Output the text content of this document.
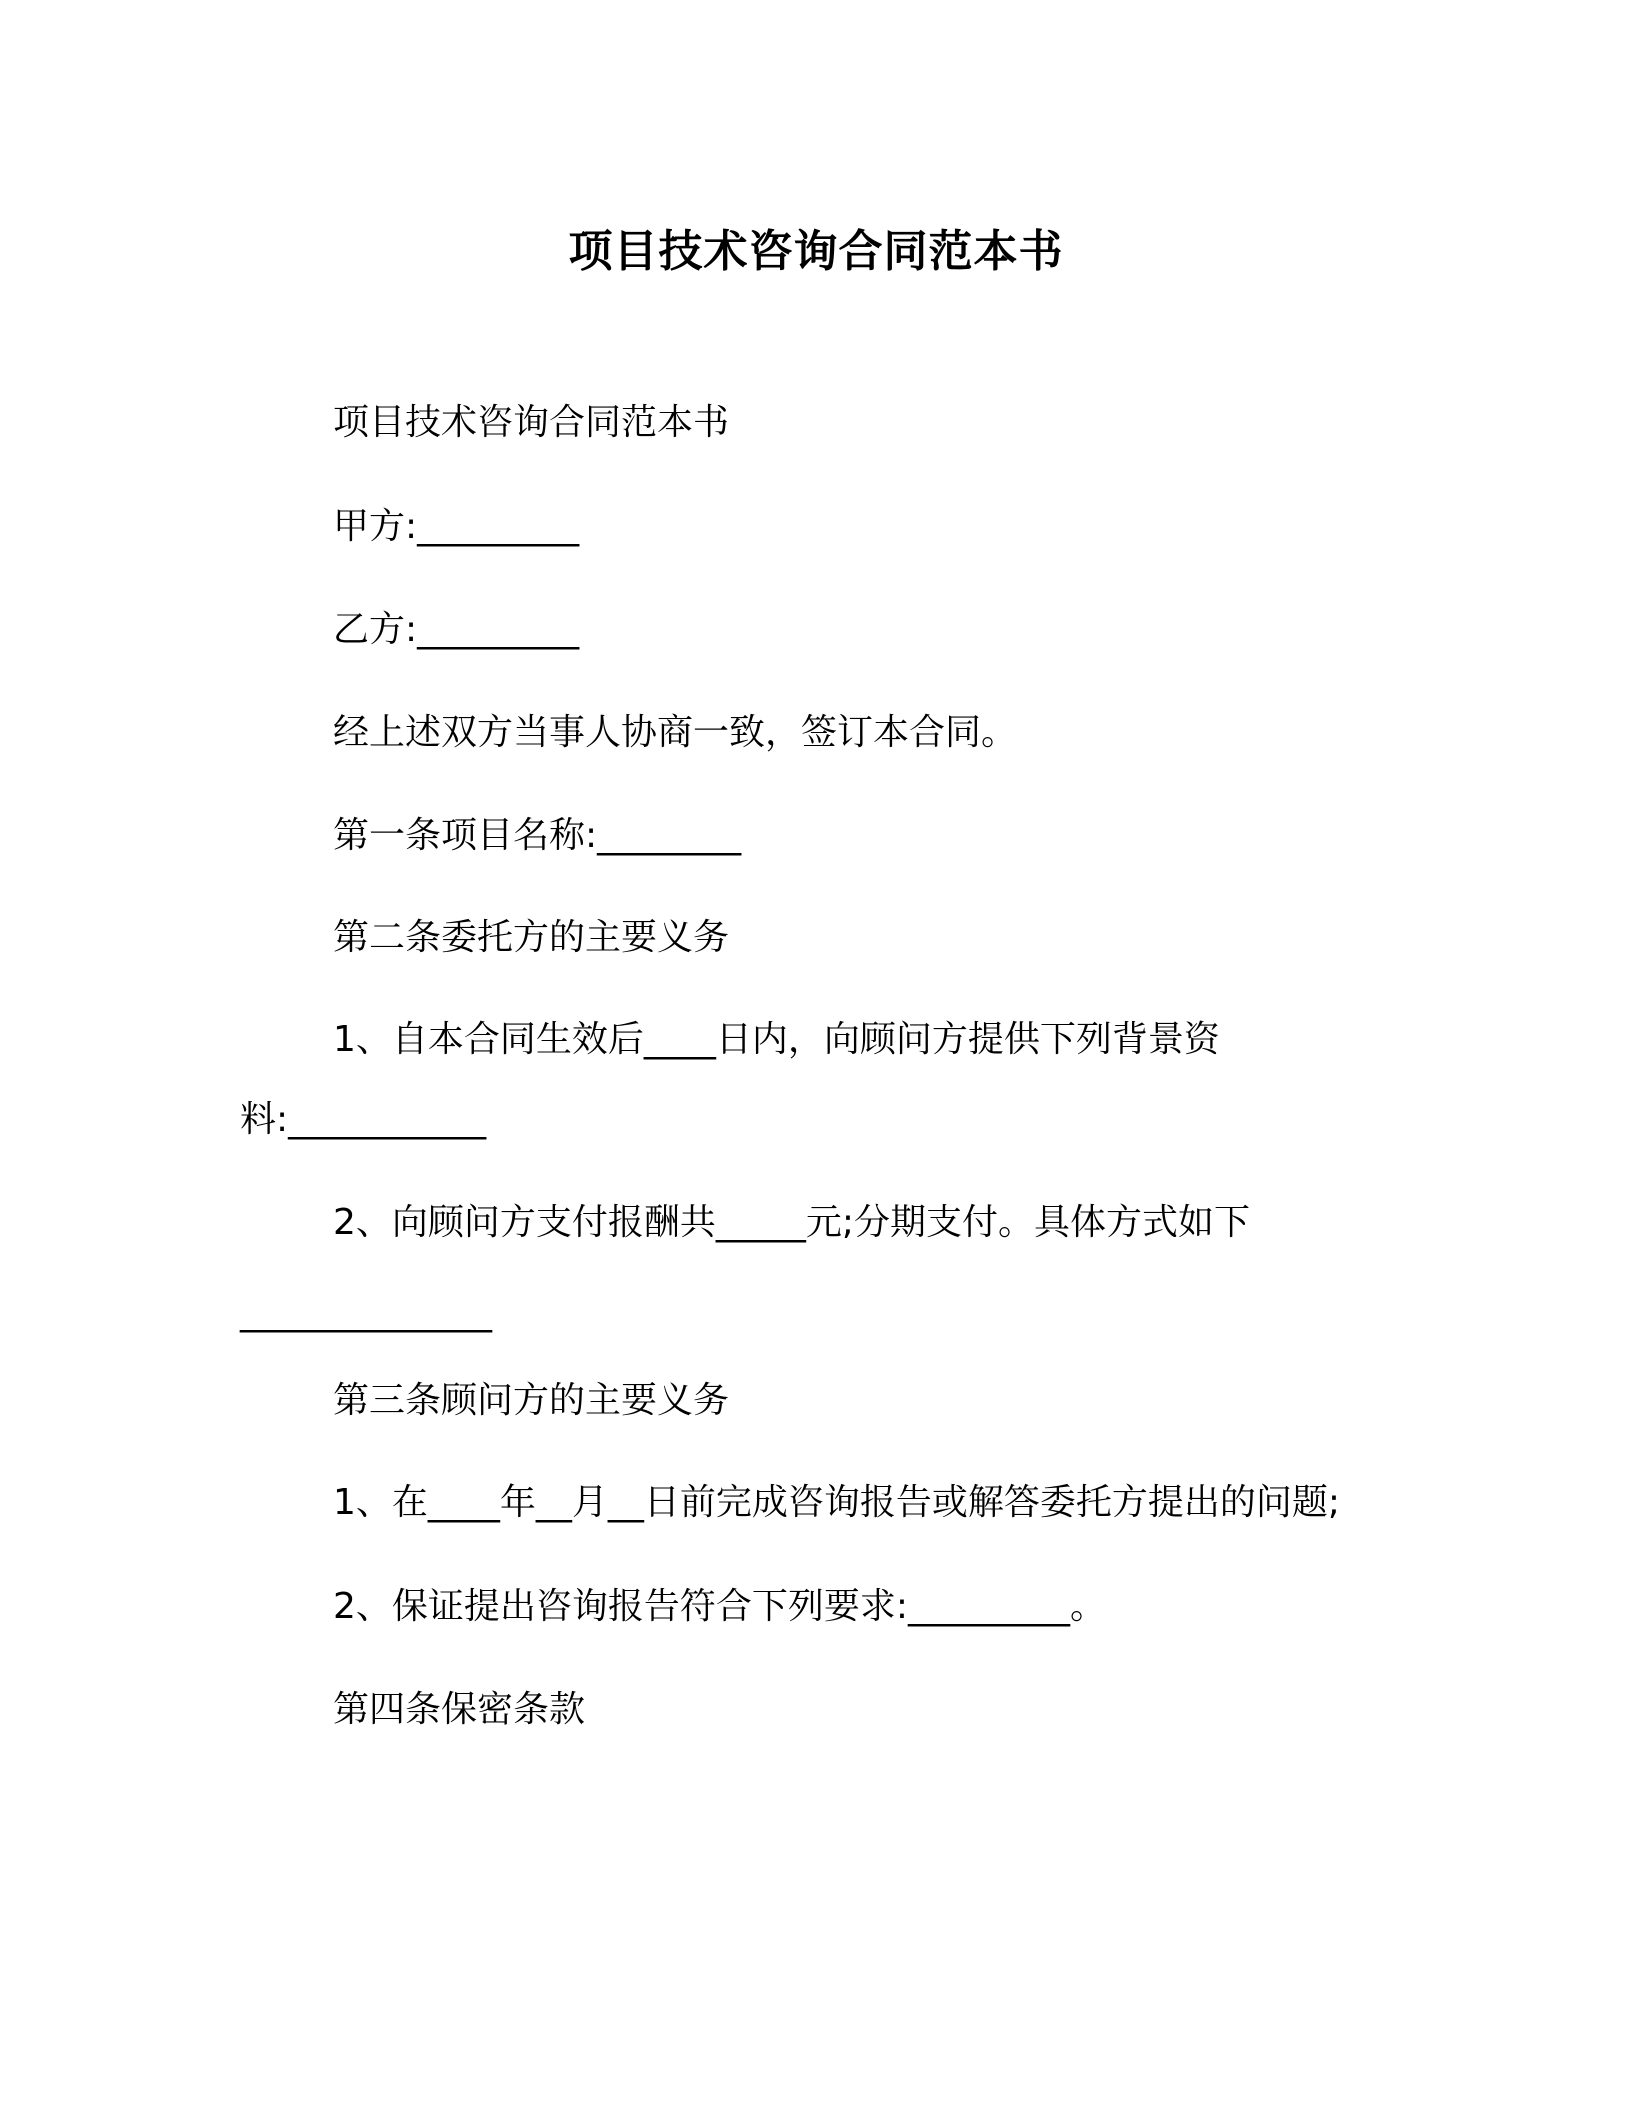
项目技术咨询合同范本书
项目技术咨询合同范本书
甲方:_________
乙方:_________
经上述双方当事人协商一致，签订本合同。
第一条项目名称:________
第二条委托方的主要义务
1、自本合同生效后____日内，向顾问方提供下列背景资
料:___________
2、向顾问方支付报酬共_____元;分期支付。具体方式如下
______________
第三条顾问方的主要义务
1、在____年__月__日前完成咨询报告或解答委托方提出的问题;
2、保证提出咨询报告符合下列要求:_________。
第四条保密条款
